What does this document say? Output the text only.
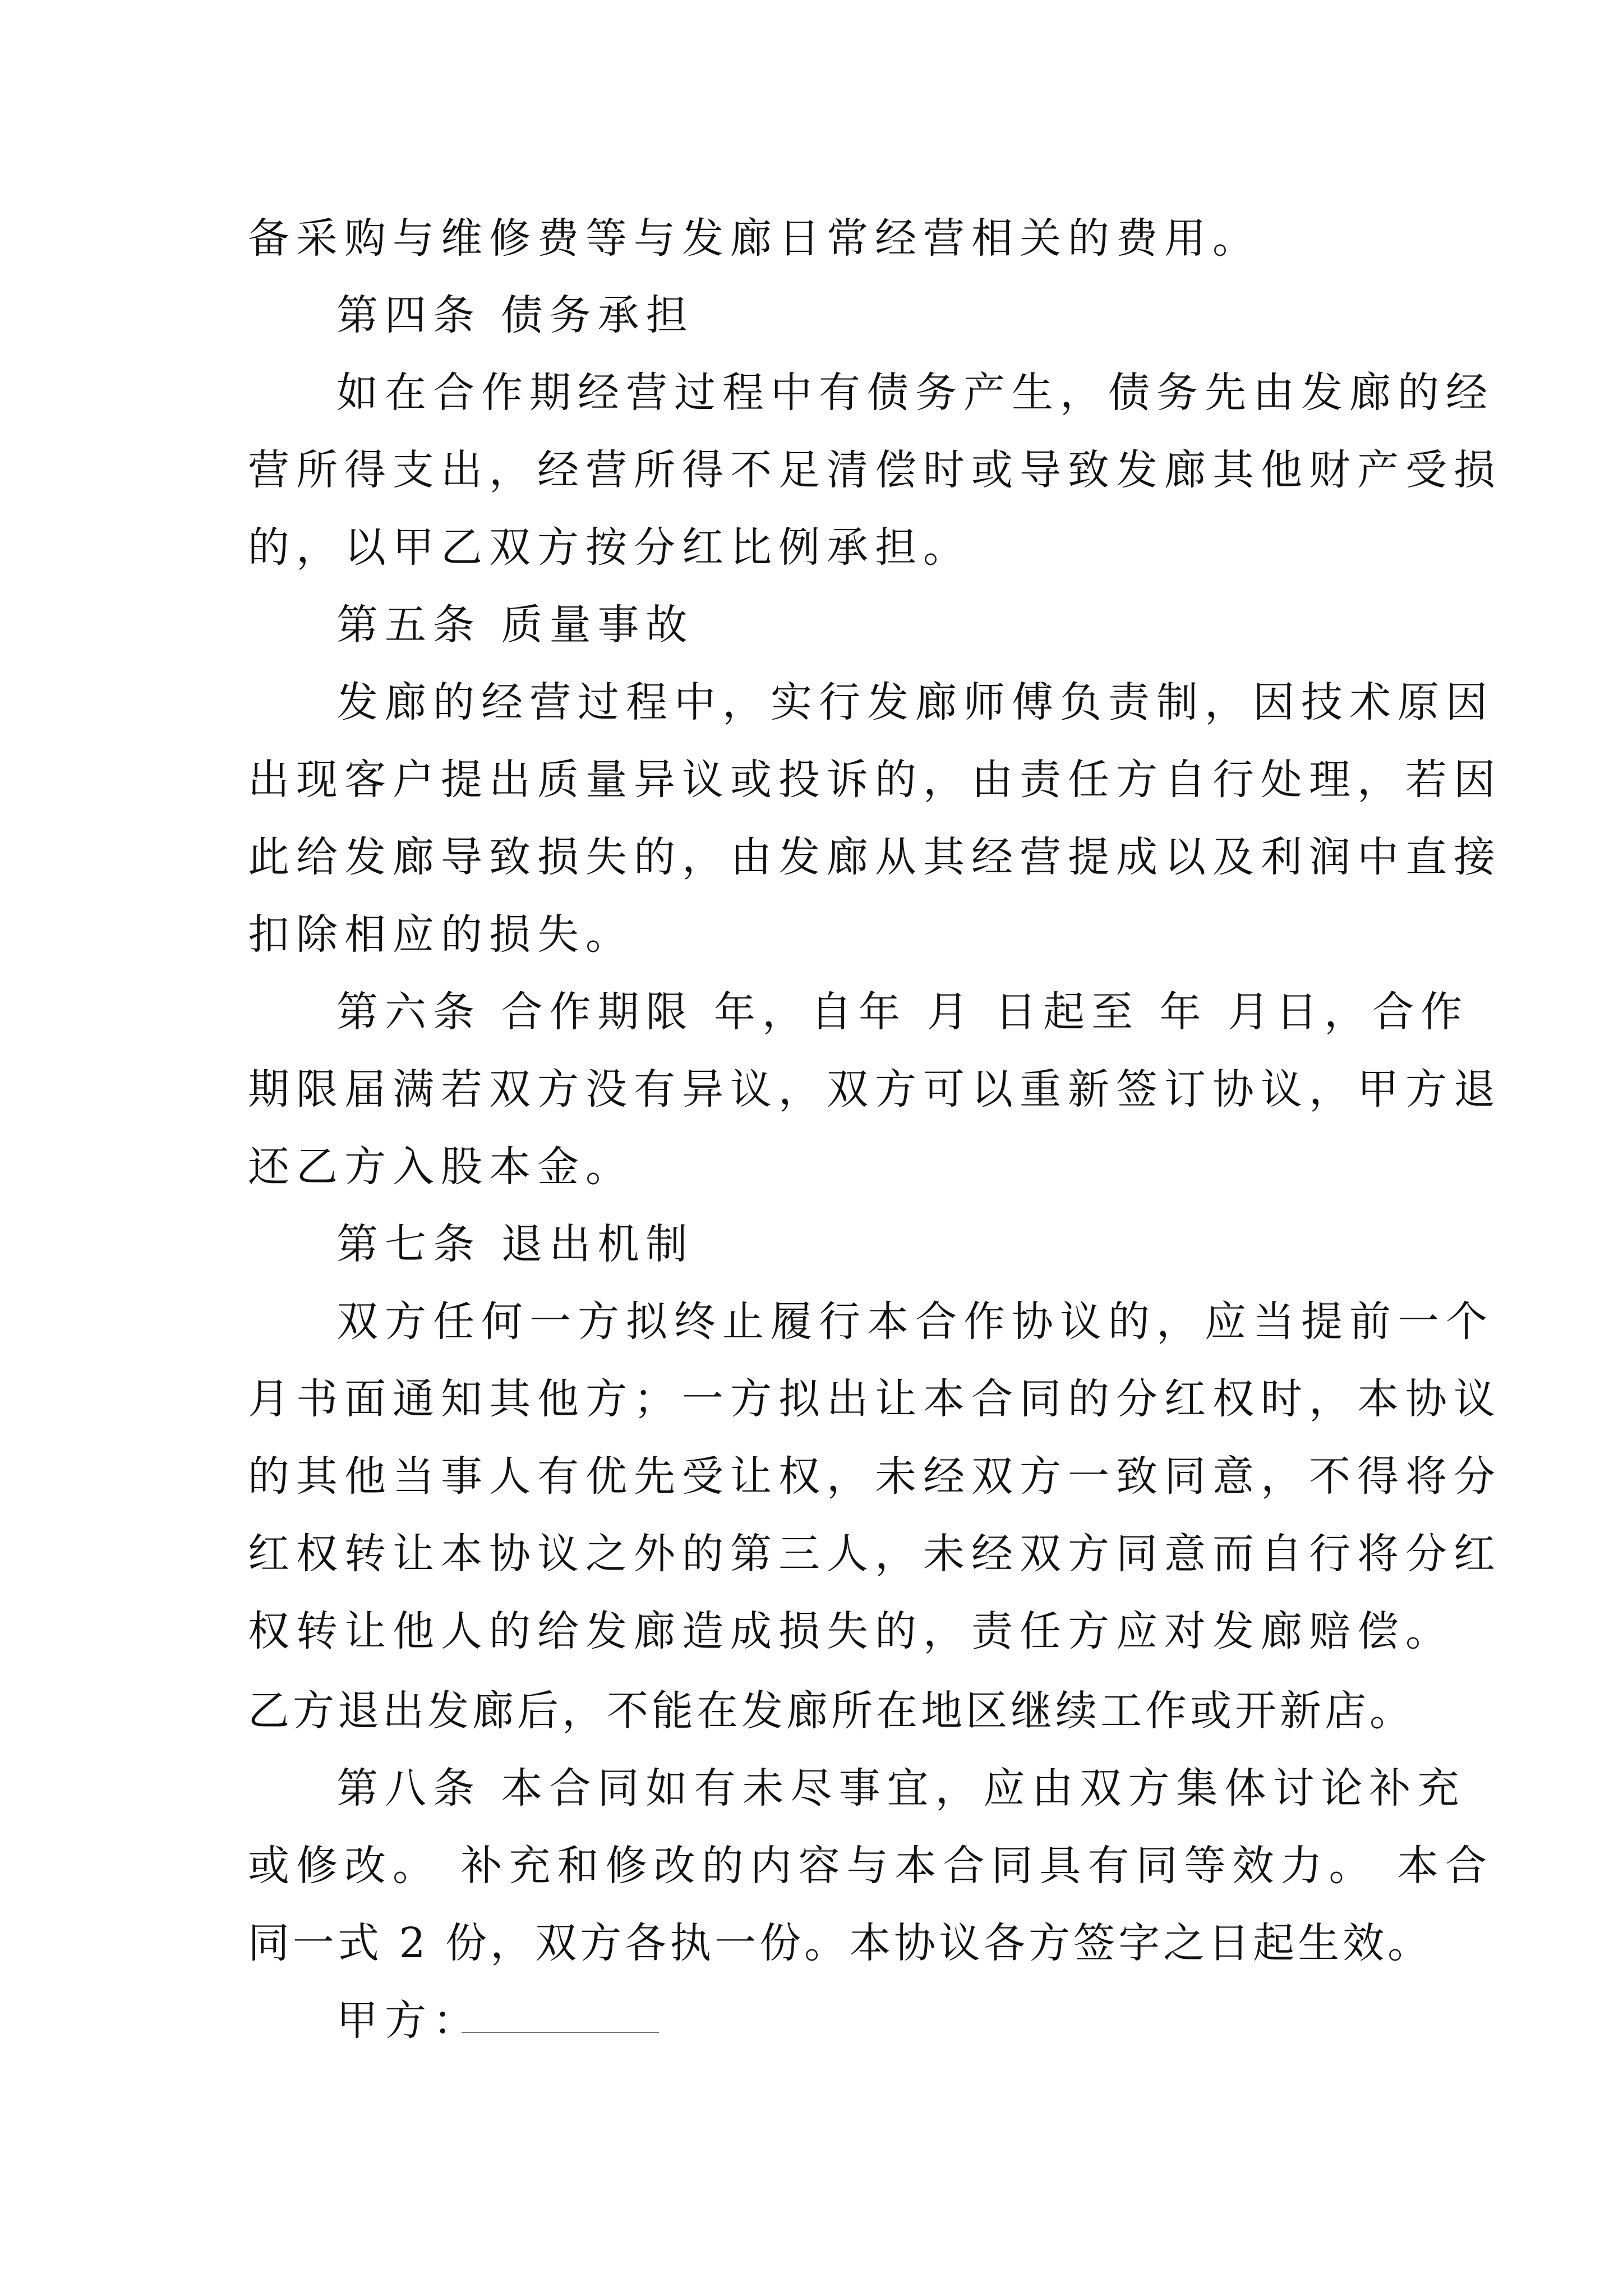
备采购与维修费等与发廊日常经营相关的费用。
第四条 债务承担
如在合作期经营过程中有债务产生，债务先由发廊的经
营所得支出，经营所得不足清偿时或导致发廊其他财产受损
的，以甲乙双方按分红比例承担。
第五条 质量事故
发廊的经营过程中，实行发廊师傅负责制，因技术原因
出现客户提出质量异议或投诉的，由责任方自行处理，若因
此给发廊导致损失的，由发廊从其经营提成以及利润中直接
扣除相应的损失。
第六条 合作期限 年，自年 月 日起至 年 月日，合作
期限届满若双方没有异议，双方可以重新签订协议，甲方退
还乙方入股本金。
第七条 退出机制
双方任何一方拟终止履行本合作协议的，应当提前一个
月书面通知其他方；一方拟出让本合同的分红权时，本协议
的其他当事人有优先受让权，未经双方一致同意，不得将分
红权转让本协议之外的第三人，未经双方同意而自行将分红
权转让他人的给发廊造成损失的，责任方应对发廊赔偿。
乙方退出发廊后，不能在发廊所在地区继续工作或开新店。
第八条 本合同如有未尽事宜，应由双方集体讨论补充
或修改。 补充和修改的内容与本合同具有同等效力。 本合
同一式 2 份，双方各执一份。本协议各方签字之日起生效。
甲方：
